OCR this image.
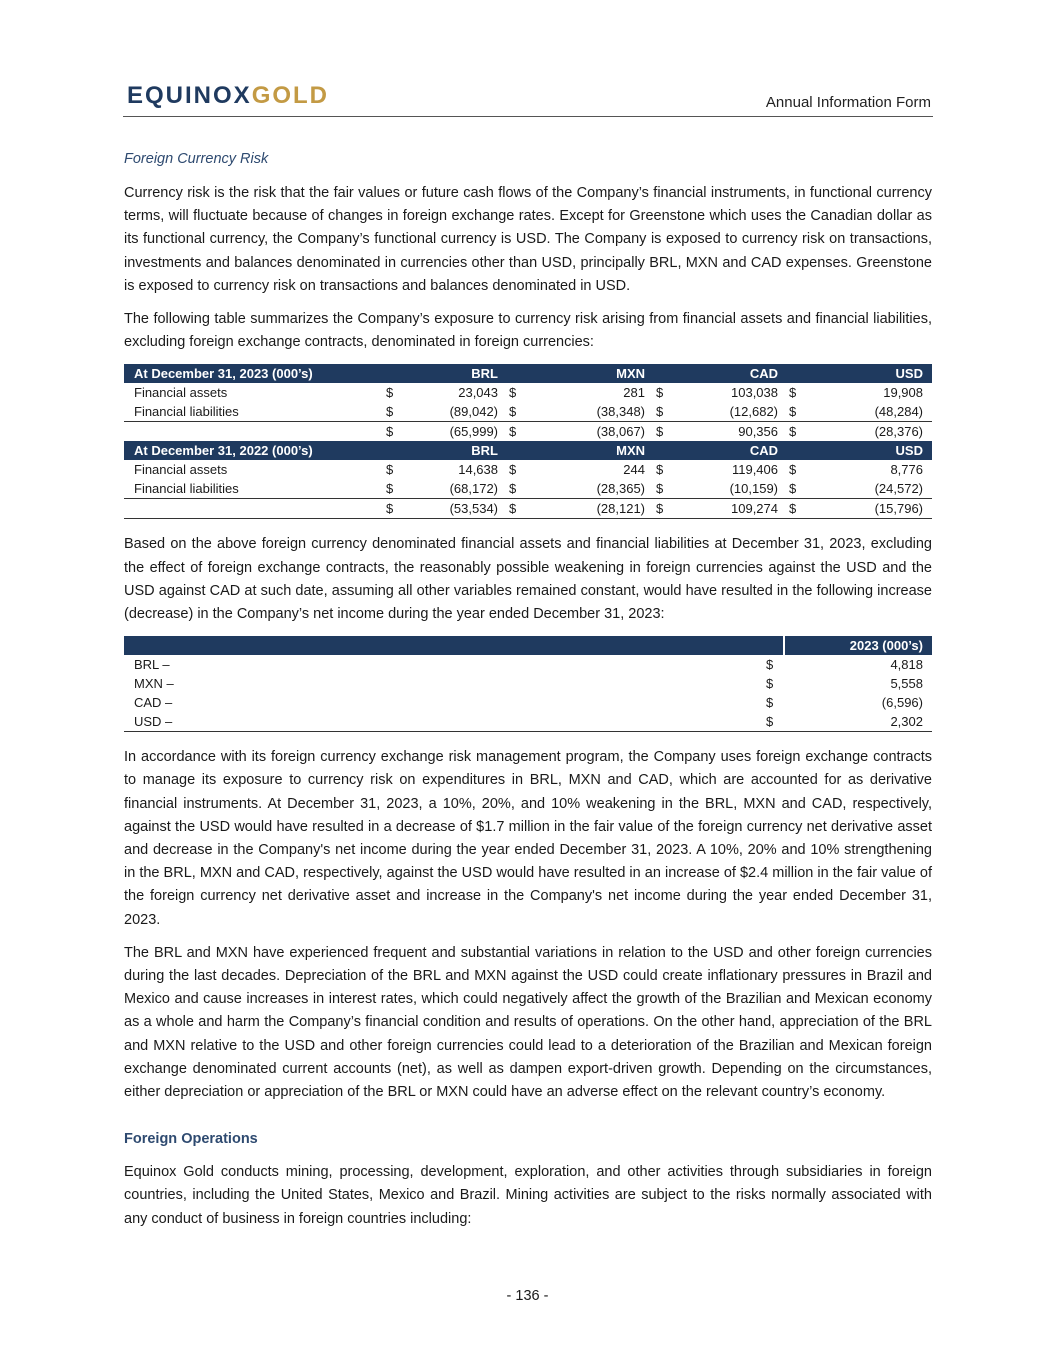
EQUINOXGOLD	Annual Information Form
Foreign Currency Risk

Currency risk is the risk that the fair values or future cash flows of the Company’s financial instruments, in functional currency terms, will fluctuate because of changes in foreign exchange rates. Except for Greenstone which uses the Canadian dollar as its functional currency, the Company’s functional currency is USD. The Company is exposed to currency risk on transactions, investments and balances denominated in currencies other than USD, principally BRL, MXN and CAD expenses. Greenstone is exposed to currency risk on transactions and balances denominated in USD.

The following table summarizes the Company’s exposure to currency risk arising from financial assets and financial liabilities, excluding foreign exchange contracts, denominated in foreign currencies:

At December 31, 2023 (000’s)		BRL		MXN		CAD		USD
Financial assets	$	23,043	$	281	$	103,038	$	19,908
Financial liabilities	$	(89,042)	$	(38,348)	$	(12,682)	$	(48,284)
	$	(65,999)	$	(38,067)	$	90,356	$	(28,376)
At December 31, 2022 (000’s)		BRL		MXN		CAD		USD
Financial assets	$	14,638	$	244	$	119,406	$	8,776
Financial liabilities	$	(68,172)	$	(28,365)	$	(10,159)	$	(24,572)
	$	(53,534)	$	(28,121)	$	109,274	$	(15,796)

Based on the above foreign currency denominated financial assets and financial liabilities at December 31, 2023, excluding the effect of foreign exchange contracts, the reasonably possible weakening in foreign currencies against the USD and the USD against CAD at such date, assuming all other variables remained constant, would have resulted in the following increase (decrease) in the Company’s net income during the year ended December 31, 2023:

		2023 (000’s)
BRL –	$	4,818
MXN –	$	5,558
CAD –	$	(6,596)
USD –	$	2,302

In accordance with its foreign currency exchange risk management program, the Company uses foreign exchange contracts to manage its exposure to currency risk on expenditures in BRL, MXN and CAD, which are accounted for as derivative financial instruments. At December 31, 2023, a 10%, 20%, and 10% weakening in the BRL, MXN and CAD, respectively, against the USD would have resulted in a decrease of $1.7 million in the fair value of the foreign currency net derivative asset and decrease in the Company's net income during the year ended December 31, 2023. A 10%, 20% and 10% strengthening in the BRL, MXN and CAD, respectively, against the USD would have resulted in an increase of $2.4 million in the fair value of the foreign currency net derivative asset and increase in the Company's net income during the year ended December 31, 2023.

The BRL and MXN have experienced frequent and substantial variations in relation to the USD and other foreign currencies during the last decades. Depreciation of the BRL and MXN against the USD could create inflationary pressures in Brazil and Mexico and cause increases in interest rates, which could negatively affect the growth of the Brazilian and Mexican economy as a whole and harm the Company’s financial condition and results of operations. On the other hand, appreciation of the BRL and MXN relative to the USD and other foreign currencies could lead to a deterioration of the Brazilian and Mexican foreign exchange denominated current accounts (net), as well as dampen export-driven growth. Depending on the circumstances, either depreciation or appreciation of the BRL or MXN could have an adverse effect on the relevant country’s economy.

Foreign Operations

Equinox Gold conducts mining, processing, development, exploration, and other activities through subsidiaries in foreign countries, including the United States, Mexico and Brazil. Mining activities are subject to the risks normally associated with any conduct of business in foreign countries including:

- 136 -
